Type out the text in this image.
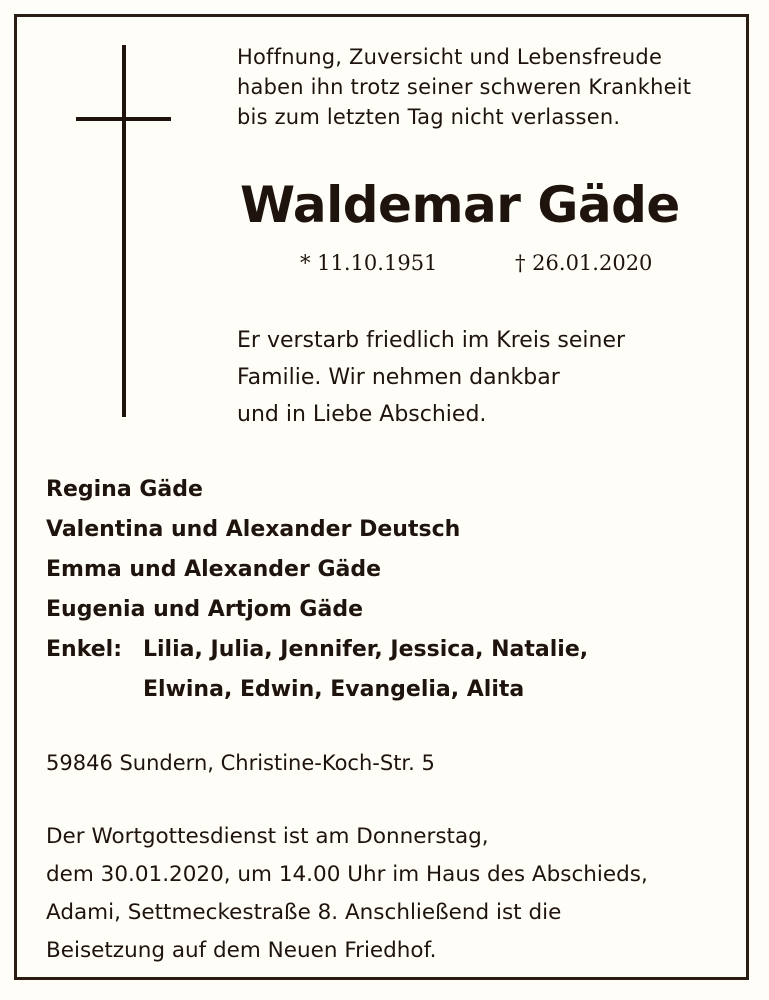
Hoffnung, Zuversicht und Lebensfreude
haben ihn trotz seiner schweren Krankheit
bis zum letzten Tag nicht verlassen.
Waldemar Gäde
* 11.10.1951	† 26.01.2020
Er verstarb friedlich im Kreis seiner
Familie. Wir nehmen dankbar
und in Liebe Abschied.
Regina Gäde
Valentina und Alexander Deutsch
Emma und Alexander Gäde
Eugenia und Artjom Gäde
Enkel: Lilia, Julia, Jennifer, Jessica, Natalie,
Elwina, Edwin, Evangelia, Alita
59846 Sundern, Christine-Koch-Str. 5
Der Wortgottesdienst ist am Donnerstag,
dem 30.01.2020, um 14.00 Uhr im Haus des Abschieds,
Adami, Settmeckestraße 8. Anschließend ist die
Beisetzung auf dem Neuen Friedhof.
